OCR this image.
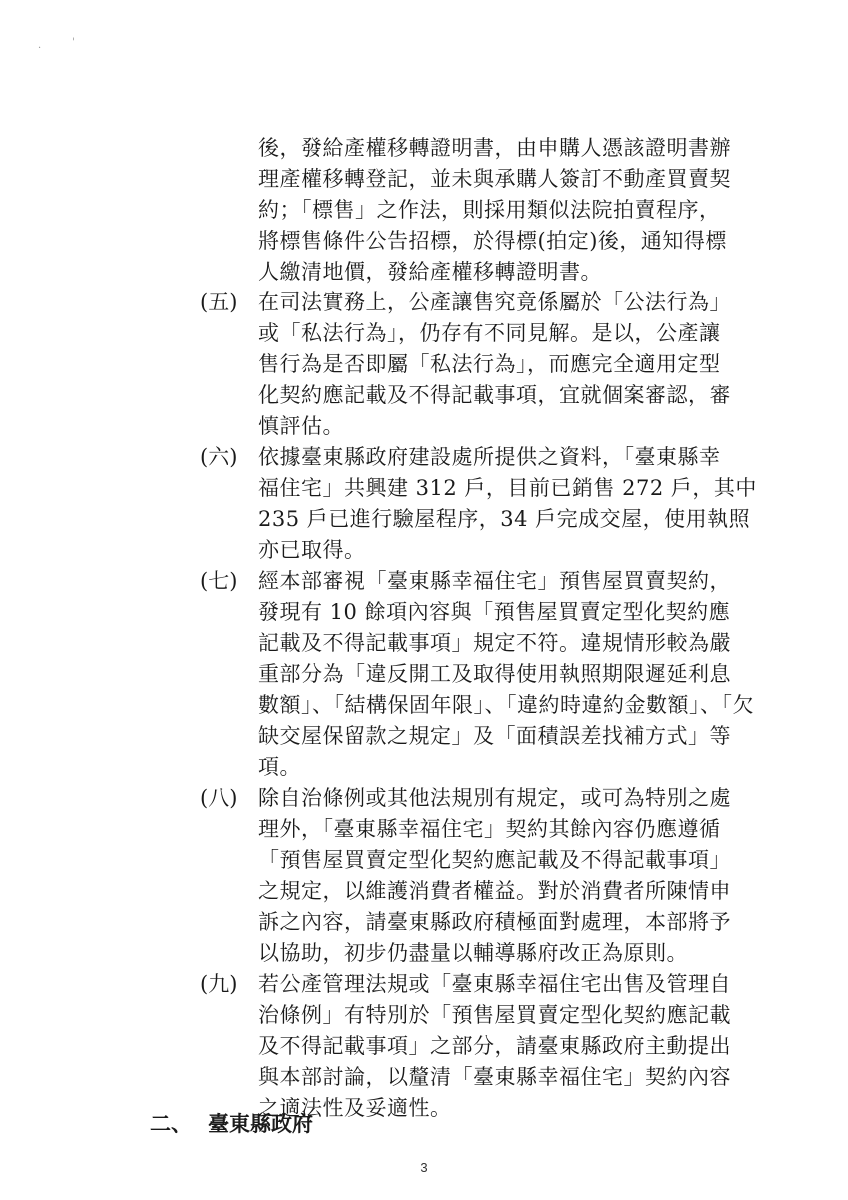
·
'
後，發給產權移轉證明書，由申購人憑該證明書辦
理產權移轉登記，並未與承購人簽訂不動產買賣契
約；「標售」之作法，則採用類似法院拍賣程序，
將標售條件公告招標，於得標(拍定)後，通知得標
人繳清地價，發給產權移轉證明書。
(五) 在司法實務上，公產讓售究竟係屬於「公法行為」
或「私法行為」，仍存有不同見解。是以，公產讓
售行為是否即屬「私法行為」，而應完全適用定型
化契約應記載及不得記載事項，宜就個案審認，審
慎評估。
(六) 依據臺東縣政府建設處所提供之資料，「臺東縣幸
福住宅」共興建 312 戶，目前已銷售 272 戶，其中
235 戶已進行驗屋程序，34 戶完成交屋，使用執照
亦已取得。
(七) 經本部審視「臺東縣幸福住宅」預售屋買賣契約，
發現有 10 餘項內容與「預售屋買賣定型化契約應
記載及不得記載事項」規定不符。違規情形較為嚴
重部分為「違反開工及取得使用執照期限遲延利息
數額」、「結構保固年限」、「違約時違約金數額」、「欠
缺交屋保留款之規定」及「面積誤差找補方式」等
項。
(八) 除自治條例或其他法規別有規定，或可為特別之處
理外，「臺東縣幸福住宅」契約其餘內容仍應遵循
「預售屋買賣定型化契約應記載及不得記載事項」
之規定，以維護消費者權益。對於消費者所陳情申
訴之內容，請臺東縣政府積極面對處理，本部將予
以協助，初步仍盡量以輔導縣府改正為原則。
(九) 若公產管理法規或「臺東縣幸福住宅出售及管理自
治條例」有特別於「預售屋買賣定型化契約應記載
及不得記載事項」之部分，請臺東縣政府主動提出
與本部討論，以釐清「臺東縣幸福住宅」契約內容
之適法性及妥適性。
二、 臺東縣政府
3
